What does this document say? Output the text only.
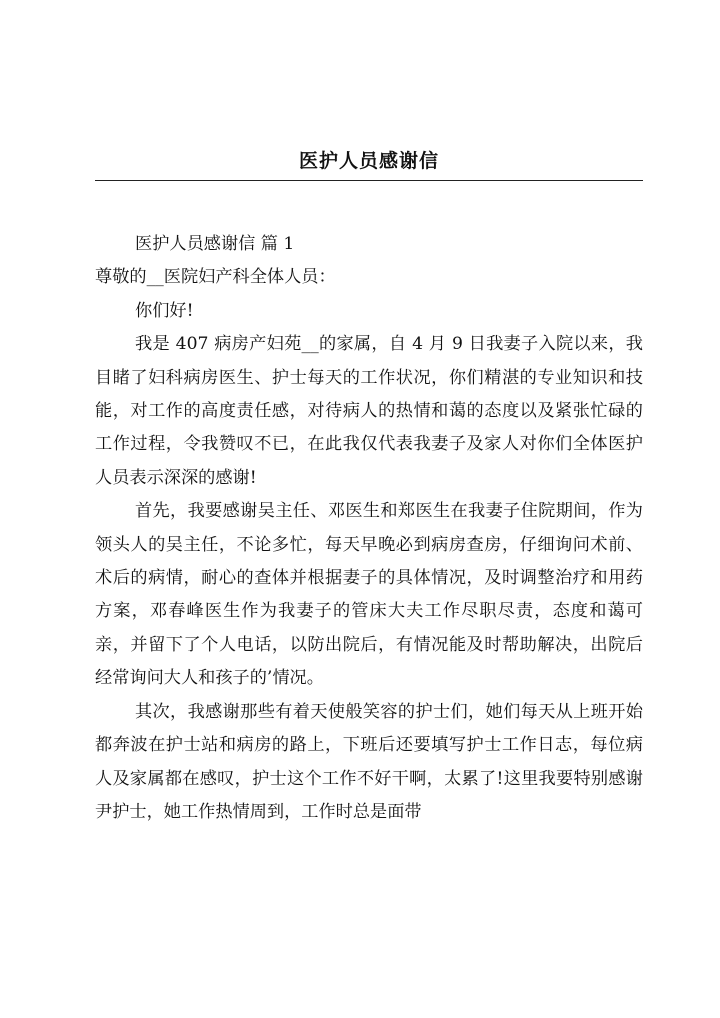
医护人员感谢信
医护人员感谢信 篇 1
尊敬的__医院妇产科全体人员：
你们好!
我是 407 病房产妇苑__的家属，自 4 月 9 日我妻子入院以来，我目睹了妇科病房医生、护士每天的工作状况，你们精湛的专业知识和技能，对工作的高度责任感，对待病人的热情和蔼的态度以及紧张忙碌的工作过程，令我赞叹不已，在此我仅代表我妻子及家人对你们全体医护人员表示深深的感谢!
首先，我要感谢吴主任、邓医生和郑医生在我妻子住院期间，作为领头人的吴主任，不论多忙，每天早晚必到病房查房，仔细询问术前、术后的病情，耐心的查体并根据妻子的具体情况，及时调整治疗和用药方案，邓春峰医生作为我妻子的管床大夫工作尽职尽责，态度和蔼可亲，并留下了个人电话，以防出院后，有情况能及时帮助解决，出院后经常询问大人和孩子的’情况。
其次，我感谢那些有着天使般笑容的护士们，她们每天从上班开始都奔波在护士站和病房的路上，下班后还要填写护士工作日志，每位病人及家属都在感叹，护士这个工作不好干啊，太累了!这里我要特别感谢尹护士，她工作热情周到，工作时总是面带
